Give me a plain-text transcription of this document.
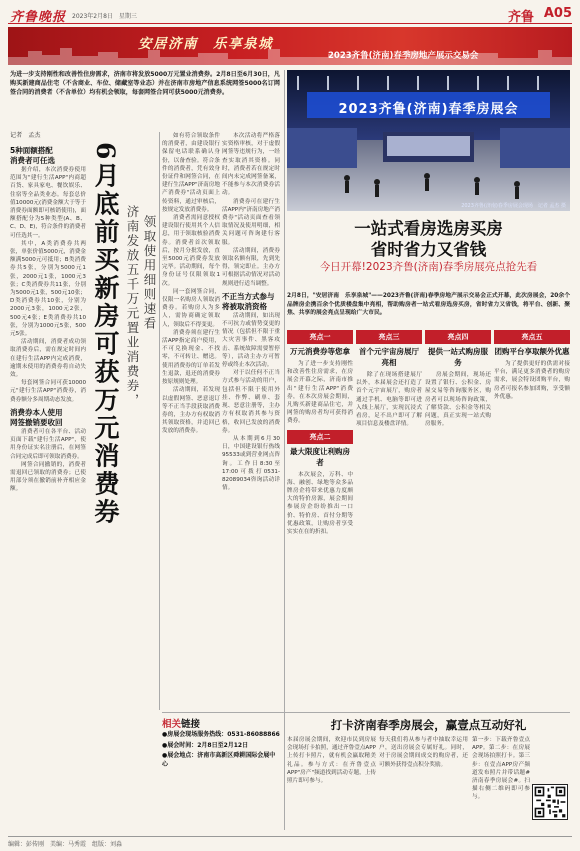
齐鲁晚报 2023年2月8日　星期三	齐鲁 A05
安居济南　乐享泉城
2023齐鲁(济南)春季房地产展示交易会
为进一步支持刚性和改善性住房需求，济南市将发放5000万元置业消费券。2月8日至6月30日，凡购买新建商品住宅（不含商业、车位、储藏室等业态）并在济南市房地产信息系统网签5000名订网签合同的消费者（不含单位）均有机会领取，每套网签合同可获5000元消费券。
记者　孟杰
2023齐鲁(济南)春季房展会
2023齐鲁(济南)春季房展会现场　记者 孟杰 摄
5种面额搭配
消费者可任选
据介绍，本次消费券使用范围为"建行生活APP"内商超百货、家具家电、餐饮娱乐、住宿等全品类业态。每套总价值10000元(消费金额大于等于消费券面额即可核销使用)，面额搭配分为5种类型(A、B、C、D、E)，符合条件的消费者可任选其一。
其中，A类消费券共两张，单张价值5000元，消费金额满5000元可抵用；B类消费券共5张，分别为5000元1张，2000元1张，1000元3张；C类消费券共11张，分别为5000元1张，500元10张；D类消费券共10张，分别为2000元3张，1000元2张，500元4张；E类消费券共10张，分别为1000元5张，500元5张。
活动期间，消费者成功领取消费券后，需在规定时间内在建行生活APP内完成消费，逾期未使用的消费券将自动失效。
每套网签合同可获10000元"建行生活APP"消费券，消费券额分多周期动态发放。
消费券本人使用
网签撤销要收回
消费者可在各平台、活动页面下载"建行生活APP"，使用身份证实名注册后，在网签合同完成后即可领取消费券。
网签合同撤销的，消费者需退回已领取的消费券；已使用部分须在撤销前补齐相应金额。	6月底前买新房可获万元消费券 济南发放五千万元置业消费券， 领取使用细则速看
如有符合领取条件的消费者，由建设银行保留电话联系确认身份，以备查验。符合条件的消费者，凭有效身份证件和网签合同，在建行生活APP"济南房地产消费券"活动页面上传资料，通过审核后，按规定发放消费券。
消费者需同意授权建设银行使用其个人信息，用于领取核验消费券。消费者首次领取后，按月分批发放，直至5000元消费券发放完毕。活动期间，每个身份证号仅限领取1次。
同一套网签合同，仅限一名购房人领取消费券。若购房人为多人，需协商确定领取人，领取后不得变更。
消费券须在建行生活APP指定商户使用，不可兑换现金、不找零，不可转让、赠送。使用消费券的订单若发生退款，退还的消费券按原规则处理。
活动期间，若发现以虚假网签、恶意退订等不正当手段获取消费券的，主办方有权取消其领取资格，并追回已发放的消费券。
本次活动将严格落实资格审核，对于虚假网签等违规行为，一经查实取消其资格。同时，消费者若在规定时间内未完成网签备案，不能参与本次消费券活动。
消费券可在建行生活APP内"济南房地产消费券"活动页面查看领取情况及使用明细，相关问题可咨询建行客服。
活动期间，消费券领取名额有限，先到先得，领完即止。主办方可根据活动情况对活动规则进行适当调整。
不正当方式参与
将被取消资格
活动期间，如出现不可抗力或情势变更的情况（包括但不限于重大灾害事件、黑客攻击、系统故障需要暂停等），活动主办方可暂停或终止本次活动。
对于以任何不正当方式参与活动的用户，包括但不限于使用外挂、作弊、刷单、套现、恶意注册等，主办方有权取消其参与资格，收回已发放的消费券。
从本期到6月30日，中国建设银行热线95533或到营业网点咨询。工作日8:30至17:00可拨打0531-82089034咨询活动详情。
一站式看房选房买房
省时省力又省钱
今日开幕!2023齐鲁(济南)春季房展亮点抢先看
2月8日，"安居济南　乐享泉城"——2023齐鲁(济南)春季房地产展示交易会正式开幕，此次房展会，20余个品牌房企携百余个优质楼盘集中亮相，帮助购房者一站式看房选房买房，省时省力又省钱，将平台、创新、聚焦、共享的展会亮点呈现给广大市民。
亮点一
万元消费券等您拿
为了进一步支持刚性和改善性住房需求，在房展会开幕之际，济南市推出"建行生活APP"消费券，在本次房展会期间，凡购买新建商品住宅，并网签的购房者均可获得消费券。
亮点二
最大限度让利购房者
本次展会，万科、中海、融创、绿地等众多品牌房企将带来优惠力度颇大的特价房源，展会期间参展房企纷纷推出一口价、特价房、首付分期等优惠政策，让购房者享受实实在在的折扣。
亮点三
首个元宇宙房展厅亮相
除了在现场搭建展厅以外，本届展会还打造了首个元宇宙展厅，购房者通过手机、电脑等即可进入线上展厅，实现沉浸式看房，足不出户即可了解项目信息及楼盘详情。
亮点四
提供一站式购房服务
房展会期间，现场还设置了银行、公积金、房屋交易等咨询服务区，购房者可以现场咨询政策，了解贷款、公积金等相关问题，真正实现一站式购房服务。
亮点五
团购平台享取额外优惠
为了提供更好的供需对接平台，满足更多消费者的购房需求，展会特设团购平台，购房者可报名参加团购，享受额外优惠。
相关链接
●房展会现场服务热线：0531-86088866
●展会时间：2月8日至2月12日
●展会地点：济南市高新区舜耕国际会展中心
打卡济南春季房展会，赢壹点互动好礼
本届房展会期间，欢迎市民到房展会现场打卡拍照，通过齐鲁壹点APP上传打卡照片，就有机会赢取精美礼品。参与方式：在齐鲁壹点APP"房产"频道找到活动专题，上传照片即可参与。
每天我们将从参与者中抽取幸运用户，送出房展会专属好礼。同时，对于房展会期间成交的购房者，还可额外获得壹点积分奖励。
第一步：下载齐鲁壹点APP。第二步：在房展会现场拍照打卡。第三步：在壹点APP房产频道发布照片并带话题#济南春季房展会#。扫描右侧二维码即可参与。
编辑：彭传刚　美编：马秀霞　组版：刘淼
